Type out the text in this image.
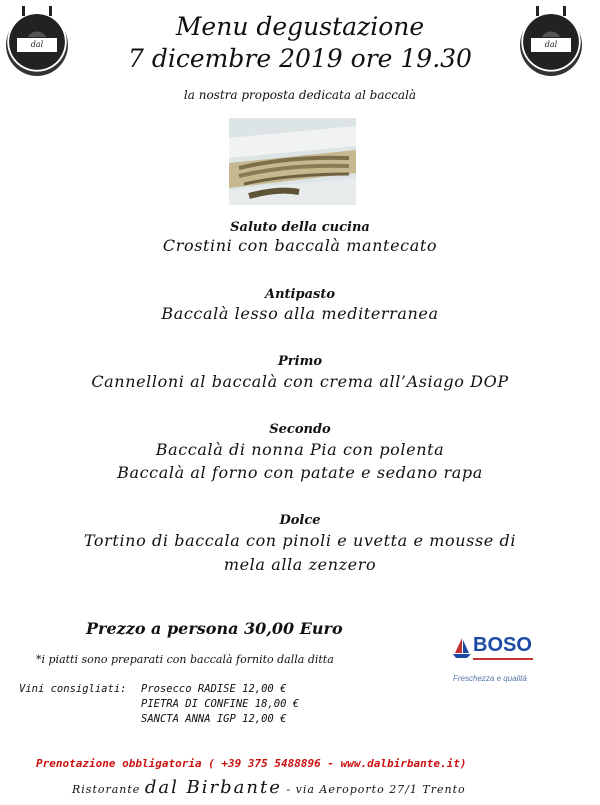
dal Birbante
dal Birbante
Menu degustazione
7 dicembre 2019 ore 19.30
la nostra proposta dedicata al baccalà
Saluto della cucina
Crostini con baccalà mantecato
Antipasto
Baccalà lesso alla mediterranea
Primo
Cannelloni al baccalà con crema all’Asiago DOP
Secondo
Baccalà di nonna Pia con polenta
Baccalà al forno con patate e sedano rapa
Dolce
Tortino di baccala con pinoli e uvetta e mousse di
mela alla zenzero
Prezzo a persona 30,00 Euro
*i piatti sono preparati con baccalà fornito dalla ditta
BOSO
Freschezza e qualità
Vini consigliati: Prosecco RADISE 12,00 €
PIETRA DI CONFINE 18,00 €
SANCTA ANNA IGP 12,00 €
Prenotazione obbligatoria ( +39 375 5488896 - www.dalbirbante.it)
Ristorante dal Birbante - via Aeroporto 27/1 Trento
